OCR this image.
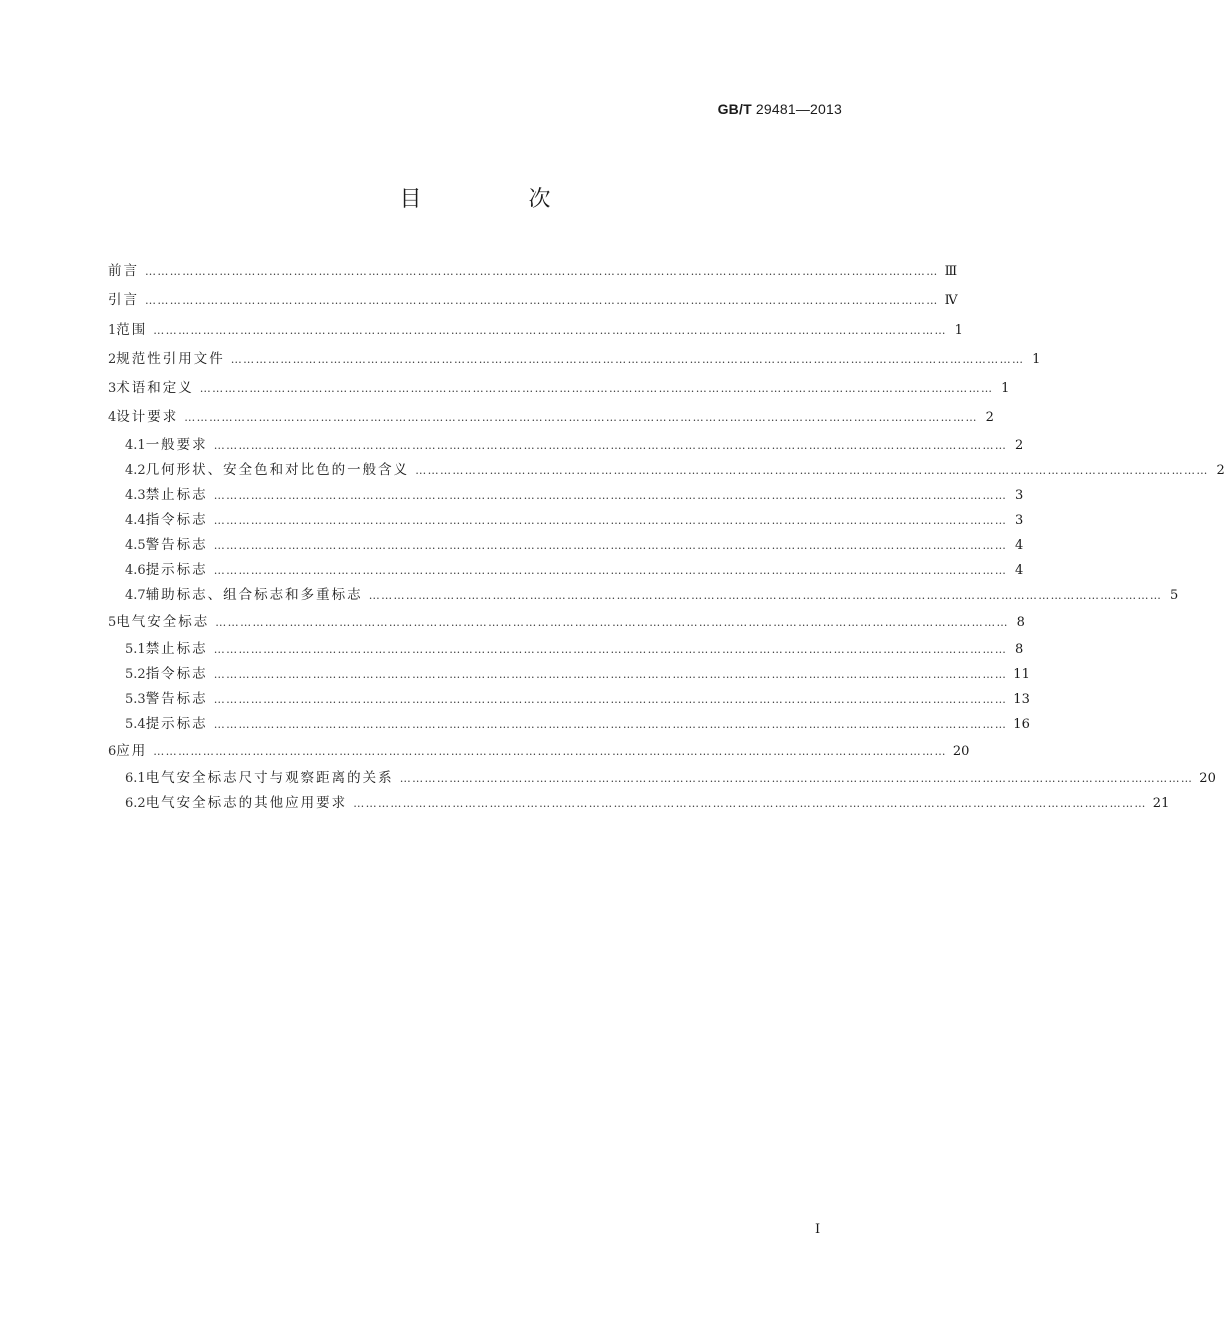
GB/T 29481—2013
目 次
前言 ………………………………………………………………………………………………………………………………………………………………………… Ⅲ
引言 ………………………………………………………………………………………………………………………………………………………………………… Ⅳ
1 范围 ………………………………………………………………………………………………………………………………………………………………………… 1
2 规范性引用文件 ………………………………………………………………………………………………………………………………………………………………………… 1
3 术语和定义 ………………………………………………………………………………………………………………………………………………………………………… 1
4 设计要求 ………………………………………………………………………………………………………………………………………………………………………… 2
4.1 一般要求 ………………………………………………………………………………………………………………………………………………………………………… 2
4.2 几何形状、安全色和对比色的一般含义 ………………………………………………………………………………………………………………………………………………………………………… 2
4.3 禁止标志 ………………………………………………………………………………………………………………………………………………………………………… 3
4.4 指令标志 ………………………………………………………………………………………………………………………………………………………………………… 3
4.5 警告标志 ………………………………………………………………………………………………………………………………………………………………………… 4
4.6 提示标志 ………………………………………………………………………………………………………………………………………………………………………… 4
4.7 辅助标志、组合标志和多重标志 ………………………………………………………………………………………………………………………………………………………………………… 5
5 电气安全标志 ………………………………………………………………………………………………………………………………………………………………………… 8
5.1 禁止标志 ………………………………………………………………………………………………………………………………………………………………………… 8
5.2 指令标志 ………………………………………………………………………………………………………………………………………………………………………… 11
5.3 警告标志 ………………………………………………………………………………………………………………………………………………………………………… 13
5.4 提示标志 ………………………………………………………………………………………………………………………………………………………………………… 16
6 应用 ………………………………………………………………………………………………………………………………………………………………………… 20
6.1 电气安全标志尺寸与观察距离的关系 ………………………………………………………………………………………………………………………………………………………………………… 20
6.2 电气安全标志的其他应用要求 ………………………………………………………………………………………………………………………………………………………………………… 21
I
